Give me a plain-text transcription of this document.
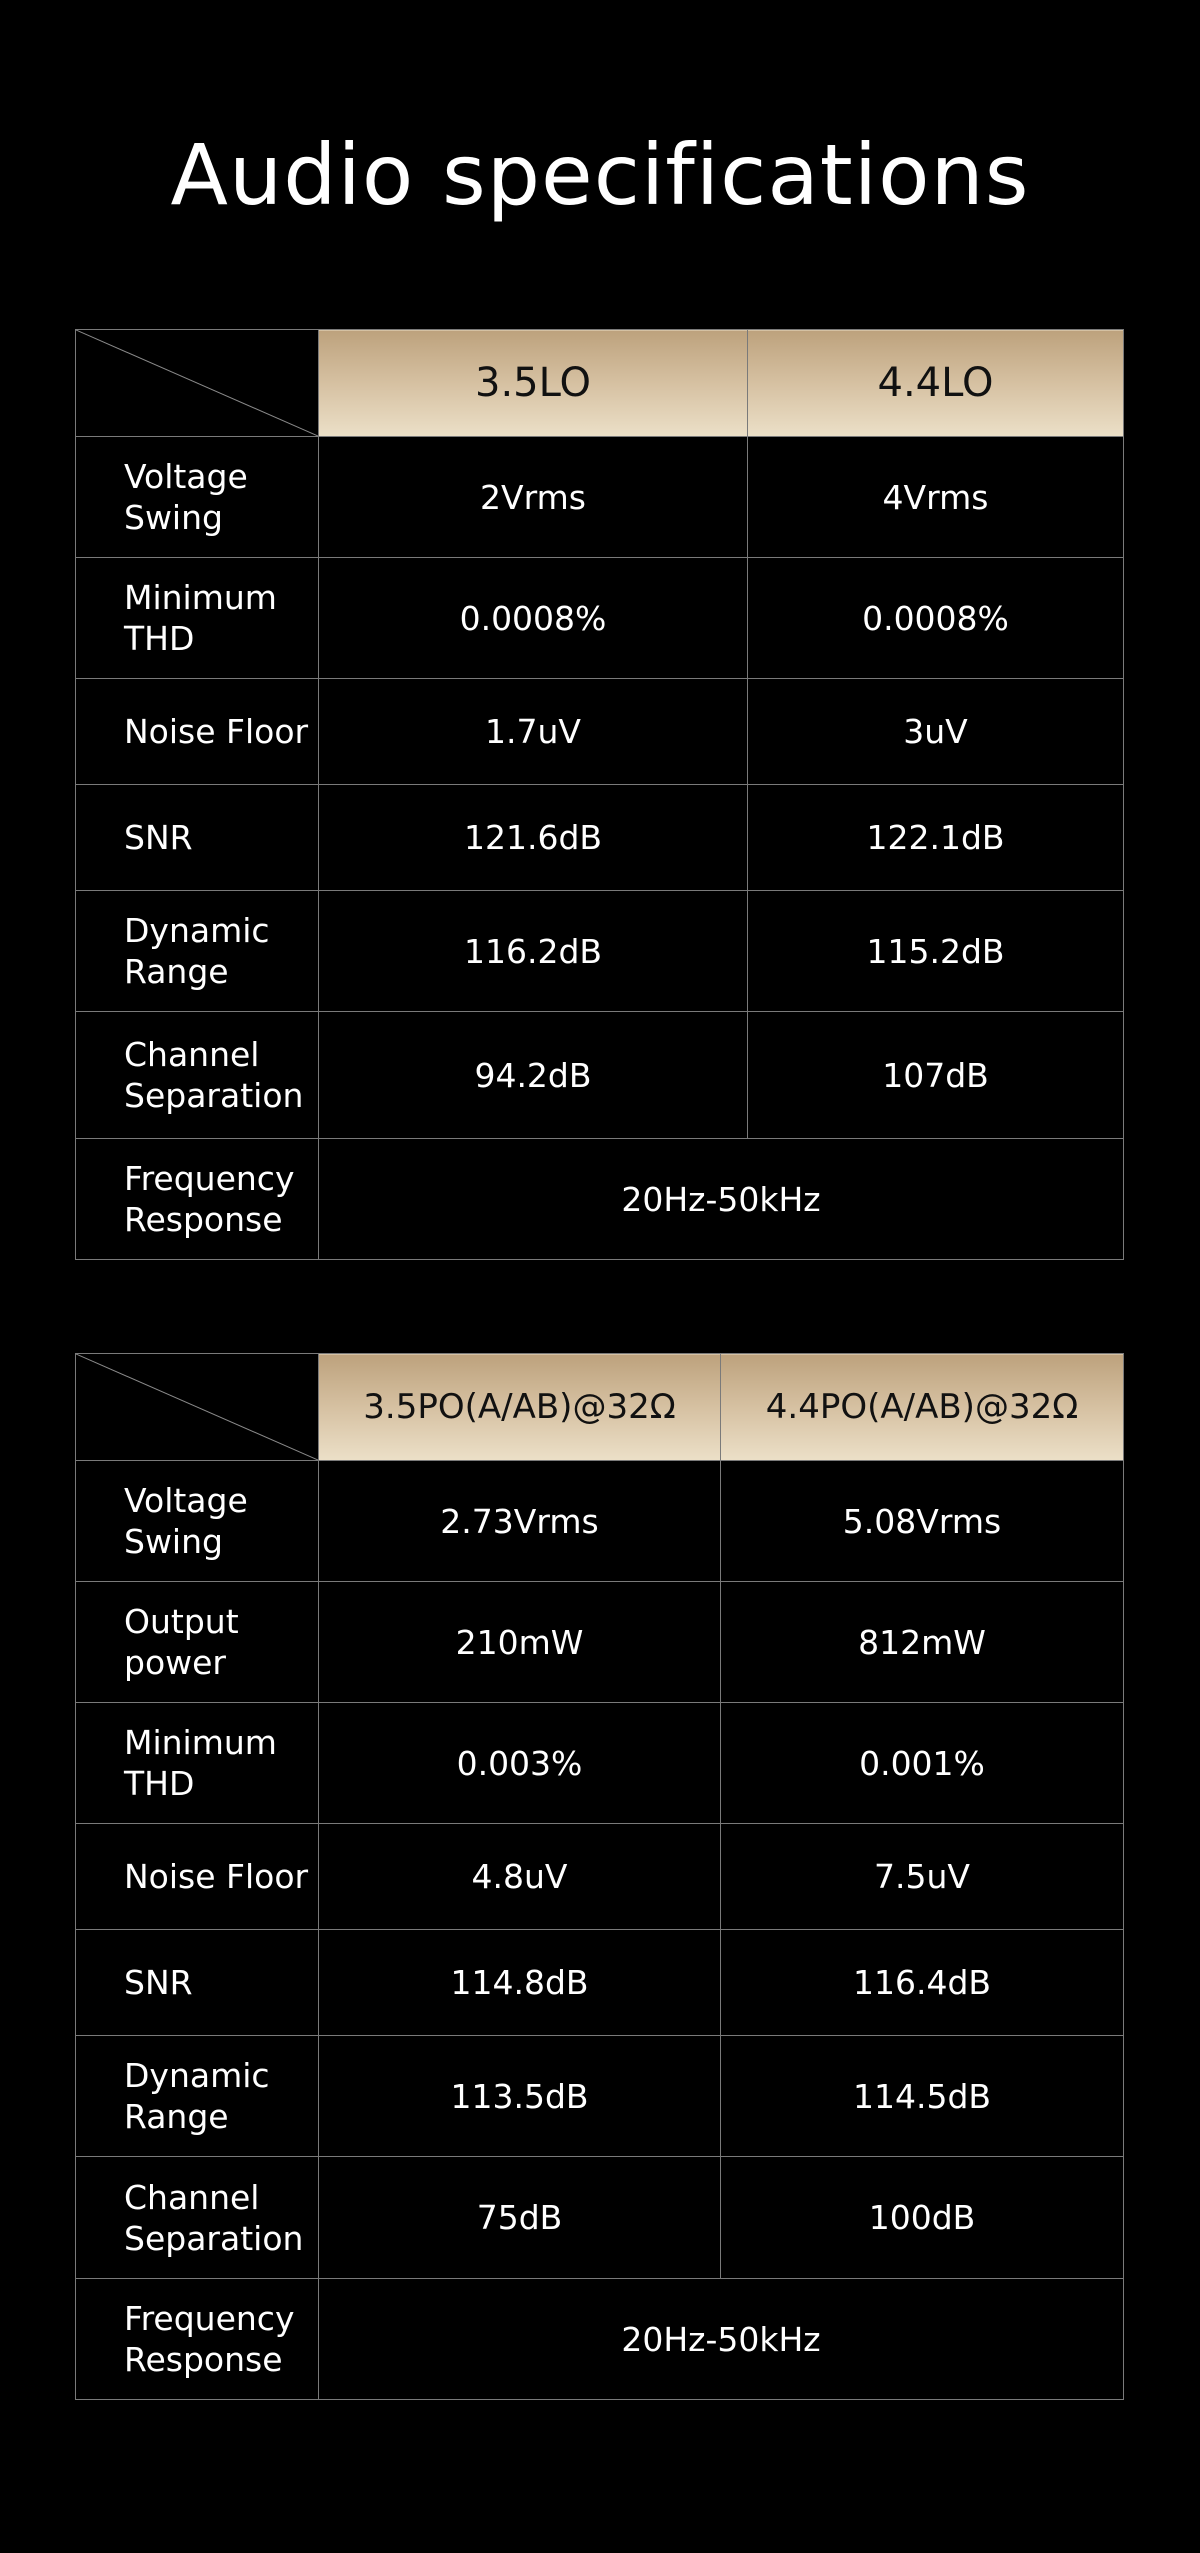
Audio specifications
	3.5LO	4.4LO

Voltage
Swing	2Vrms	4Vrms

Minimum
THD	0.0008%	0.0008%

Noise Floor	1.7uV	3uV

SNR	121.6dB	122.1dB

Dynamic
Range	116.2dB	115.2dB

Channel
Separation	94.2dB	107dB

Frequency
Response	20Hz-50kHz	
	3.5PO(A/AB)@32Ω	4.4PO(A/AB)@32Ω

Voltage
Swing	2.73Vrms	5.08Vrms

Output
power	210mW	812mW

Minimum
THD	0.003%	0.001%

Noise Floor	4.8uV	7.5uV

SNR	114.8dB	116.4dB

Dynamic
Range	113.5dB	114.5dB

Channel
Separation	75dB	100dB

Frequency
Response	20Hz-50kHz	
